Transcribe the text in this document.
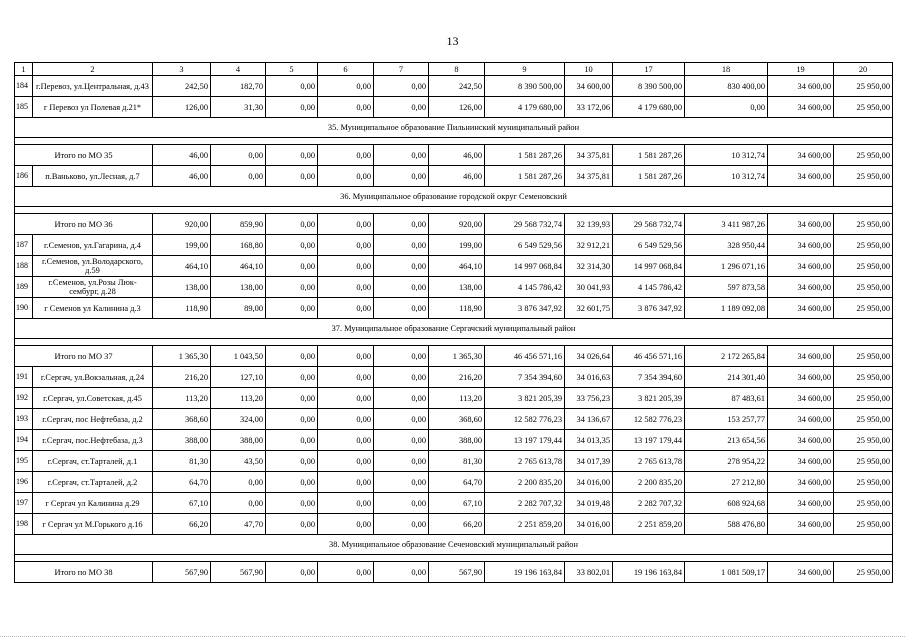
13
1	2	3	4	5	6	7	8	9	10	17	18	19	20
184	г.Перевоз, ул.Центральная, д.43	242,50	182,70	0,00	0,00	0,00	242,50	8 390 500,00	34 600,00	8 390 500,00	830 400,00	34 600,00	25 950,00
185	г Перевоз ул Полевая д.21*	126,00	31,30	0,00	0,00	0,00	126,00	4 179 680,00	33 172,06	4 179 680,00	0,00	34 600,00	25 950,00
35. Муниципальное образование Пильнинский муниципальный район													

Итого по МО 35		46,00	0,00	0,00	0,00	0,00	46,00	1 581 287,26	34 375,81	1 581 287,26	10 312,74	34 600,00	25 950,00
186	п.Ваньково, ул.Лесная, д.7	46,00	0,00	0,00	0,00	0,00	46,00	1 581 287,26	34 375,81	1 581 287,26	10 312,74	34 600,00	25 950,00
36. Муниципальное образование городской округ Семеновский													

Итого по МО 36		920,00	859,90	0,00	0,00	0,00	920,00	29 568 732,74	32 139,93	29 568 732,74	3 411 987,26	34 600,00	25 950,00
187	г.Семенов, ул.Гагарина, д.4	199,00	168,80	0,00	0,00	0,00	199,00	6 549 529,56	32 912,21	6 549 529,56	328 950,44	34 600,00	25 950,00
188	г.Семенов, ул.Володарского, д.59	464,10	464,10	0,00	0,00	0,00	464,10	14 997 068,84	32 314,30	14 997 068,84	1 296 071,16	34 600,00	25 950,00
189	г.Семенов, ул.Розы Люк-сембург, д.28	138,00	138,00	0,00	0,00	0,00	138,00	4 145 786,42	30 041,93	4 145 786,42	597 873,58	34 600,00	25 950,00
190	г Семенов ул Калинина д.3	118,90	89,00	0,00	0,00	0,00	118,90	3 876 347,92	32 601,75	3 876 347,92	1 189 092,08	34 600,00	25 950,00
37. Муниципальное образование Сергачский муниципальный район													

Итого по МО 37		1 365,30	1 043,50	0,00	0,00	0,00	1 365,30	46 456 571,16	34 026,64	46 456 571,16	2 172 265,84	34 600,00	25 950,00
191	г.Сергач, ул.Вокзальная, д.24	216,20	127,10	0,00	0,00	0,00	216,20	7 354 394,60	34 016,63	7 354 394,60	214 301,40	34 600,00	25 950,00
192	г.Сергач, ул.Советская, д.45	113,20	113,20	0,00	0,00	0,00	113,20	3 821 205,39	33 756,23	3 821 205,39	87 483,61	34 600,00	25 950,00
193	г.Сергач, пос Нефтебаза, д.2	368,60	324,00	0,00	0,00	0,00	368,60	12 582 776,23	34 136,67	12 582 776,23	153 257,77	34 600,00	25 950,00
194	г.Сергач, пос.Нефтебаза, д.3	388,00	388,00	0,00	0,00	0,00	388,00	13 197 179,44	34 013,35	13 197 179,44	213 654,56	34 600,00	25 950,00
195	г.Сергач, ст.Тарталей, д.1	81,30	43,50	0,00	0,00	0,00	81,30	2 765 613,78	34 017,39	2 765 613,78	278 954,22	34 600,00	25 950,00
196	г.Сергач, ст.Тарталей, д.2	64,70	0,00	0,00	0,00	0,00	64,70	2 200 835,20	34 016,00	2 200 835,20	27 212,80	34 600,00	25 950,00
197	г Сергач ул Калинина д.29	67,10	0,00	0,00	0,00	0,00	67,10	2 282 707,32	34 019,48	2 282 707,32	608 924,68	34 600,00	25 950,00
198	г Сергач ул М.Горького д.16	66,20	47,70	0,00	0,00	0,00	66,20	2 251 859,20	34 016,00	2 251 859,20	588 476,80	34 600,00	25 950,00
38. Муниципальное образование Сеченовский муниципальный район													

Итого по МО 38		567,90	567,90	0,00	0,00	0,00	567,90	19 196 163,84	33 802,01	19 196 163,84	1 081 509,17	34 600,00	25 950,00
